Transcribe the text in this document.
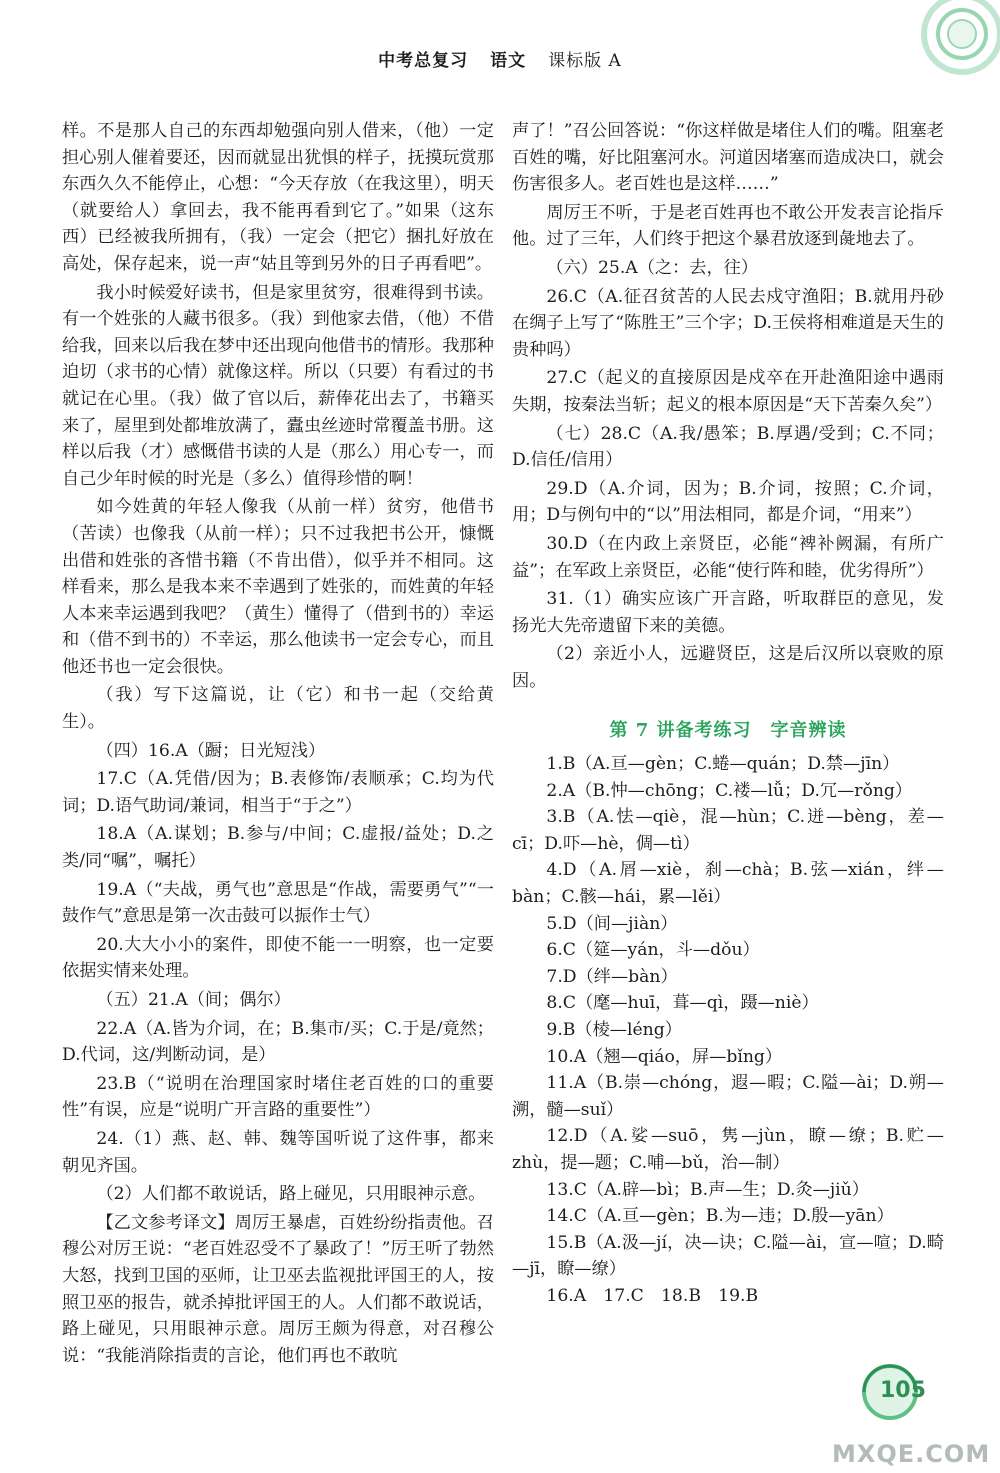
中考总复习 语文 课标版 A

样。不是那人自己的东西却勉强向别人借来，（他）一定担心别人催着要还，因而就显出犹惧的样子，抚摸玩赏那东西久久不能停止，心想：“今天存放（在我这里），明天（就要给人）拿回去，我不能再看到它了。”如果（这东西）已经被我所拥有，（我）一定会（把它）捆扎好放在高处，保存起来，说一声“姑且等到另外的日子再看吧”。

我小时候爱好读书，但是家里贫穷，很难得到书读。有一个姓张的人藏书很多。（我）到他家去借，（他）不借给我，回来以后我在梦中还出现向他借书的情形。我那种迫切（求书的心情）就像这样。所以（只要）有看过的书就记在心里。（我）做了官以后，薪俸花出去了，书籍买来了，屋里到处都堆放满了，蠹虫丝迹时常覆盖书册。这样以后我（才）感慨借书读的人是（那么）用心专一，而自己少年时候的时光是（多么）值得珍惜的啊！

如今姓黄的年轻人像我（从前一样）贫穷，他借书（苦读）也像我（从前一样）；只不过我把书公开，慷慨出借和姓张的吝惜书籍（不肯出借），似乎并不相同。这样看来，那么是我本来不幸遇到了姓张的，而姓黄的年轻人本来幸运遇到我吧？（黄生）懂得了（借到书的）幸运和（借不到书的）不幸运，那么他读书一定会专心，而且他还书也一定会很快。

（我）写下这篇说，让（它）和书一起（交给黄生）。

（四）16.A（蹰；日光短浅）

17.C（A.凭借/因为；B.表修饰/表顺承；C.均为代词；D.语气助词/兼词，相当于“于之”）

18.A（A.谋划；B.参与/中间；C.虚报/益处；D.之类/同“嘱”，嘱托）

19.A（“夫战，勇气也”意思是“作战，需要勇气”“一鼓作气”意思是第一次击鼓可以振作士气）

20.大大小小的案件，即使不能一一明察，也一定要依据实情来处理。

（五）21.A（间；偶尔）

22.A（A.皆为介词，在；B.集市/买；C.于是/竟然；D.代词，这/判断动词，是）

23.B（“说明在治理国家时堵住老百姓的口的重要性”有误，应是“说明广开言路的重要性”）

24.（1）燕、赵、韩、魏等国听说了这件事，都来朝见齐国。

（2）人们都不敢说话，路上碰见，只用眼神示意。

【乙文参考译文】周厉王暴虐，百姓纷纷指责他。召穆公对厉王说：“老百姓忍受不了暴政了！”厉王听了勃然大怒，找到卫国的巫师，让卫巫去监视批评国王的人，按照卫巫的报告，就杀掉批评国王的人。人们都不敢说话，路上碰见，只用眼神示意。周厉王颇为得意，对召穆公说：“我能消除指责的言论，他们再也不敢吭

声了！”召公回答说：“你这样做是堵住人们的嘴。阻塞老百姓的嘴，好比阻塞河水。河道因堵塞而造成决口，就会伤害很多人。老百姓也是这样……”

周厉王不听，于是老百姓再也不敢公开发表言论指斥他。过了三年，人们终于把这个暴君放逐到彘地去了。

（六）25.A（之：去，往）

26.C（A.征召贫苦的人民去戍守渔阳；B.就用丹砂在绸子上写了“陈胜王”三个字；D.王侯将相难道是天生的贵种吗）

27.C（起义的直接原因是戍卒在开赴渔阳途中遇雨失期，按秦法当斩；起义的根本原因是“天下苦秦久矣”）

（七）28.C（A.我/愚笨；B.厚遇/受到；C.不同；D.信任/信用）

29.D（A.介词，因为；B.介词，按照；C.介词，用；D与例句中的“以”用法相同，都是介词，“用来”）

30.D（在内政上亲贤臣，必能“裨补阙漏，有所广益”；在军政上亲贤臣，必能“使行阵和睦，优劣得所”）

31.（1）确实应该广开言路，听取群臣的意见，发扬光大先帝遗留下来的美德。

（2）亲近小人，远避贤臣，这是后汉所以衰败的原因。

第 7 讲备考练习　字音辨读

1.B（A.亘—gèn；C.蜷—quán；D.禁—jīn）

2.A（B.忡—chōng；C.褛—lǚ；D.冗—rǒng）

3.B（A.怯—qiè，混—hùn；C.迸—bèng，差—cī；D.吓—hè，倜—tì）

4.D（A.屑—xiè，刹—chà；B.弦—xián，绊—bàn；C.骸—hái，累—lěi）

5.D（间—jiàn）

6.C（筵—yán，斗—dǒu）

7.D（绊—bàn）

8.C（麾—huī，葺—qì，蹑—niè）

9.B（棱—léng）

10.A（翘—qiáo，屏—bǐng）

11.A（B.崇—chóng，遐—暇；C.隘—ài；D.朔—溯，髓—suǐ）

12.D（A.娑—suō，隽—jùn，瞭—缭；B.贮—zhù，提—题；C.哺—bǔ，治—制）

13.C（A.辟—bì；B.声—生；D.灸—jiǔ）

14.C（A.亘—gèn；B.为—违；D.殷—yān）

15.B（A.汲—jí，决—诀；C.隘—ài，宣—喧；D.畸—jī，瞭—缭）

16.A　17.C　18.B　19.B

105
MXQE.COM
